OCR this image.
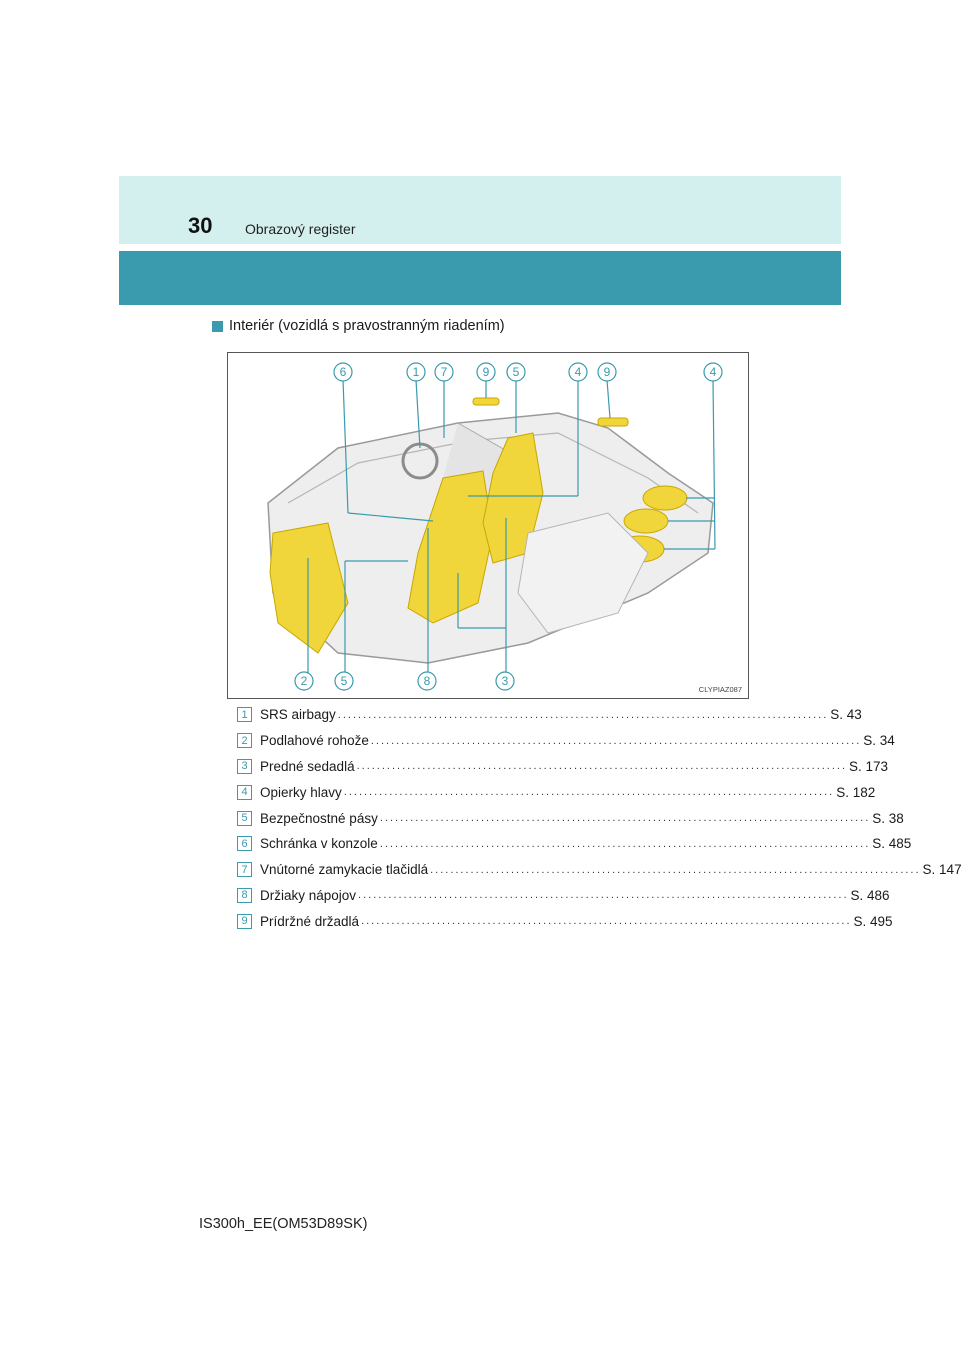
30 Obrazový register
Interiér (vozidlá s pravostranným riadením)
6	1 7	9 5	4 9	4
2	5	8	3
CLYPIAZ087
1 SRS airbagy ................................................................................................. S. 43
2 Podlahové rohože ................................................................................................. S. 34
3 Predné sedadlá ................................................................................................. S. 173
4 Opierky hlavy ................................................................................................. S. 182
5 Bezpečnostné pásy ................................................................................................. S. 38
6 Schránka v konzole ................................................................................................. S. 485
7 Vnútorné zamykacie tlačidlá ................................................................................................. S. 147
8 Držiaky nápojov ................................................................................................. S. 486
9 Prídržné držadlá ................................................................................................. S. 495
IS300h_EE(OM53D89SK)
